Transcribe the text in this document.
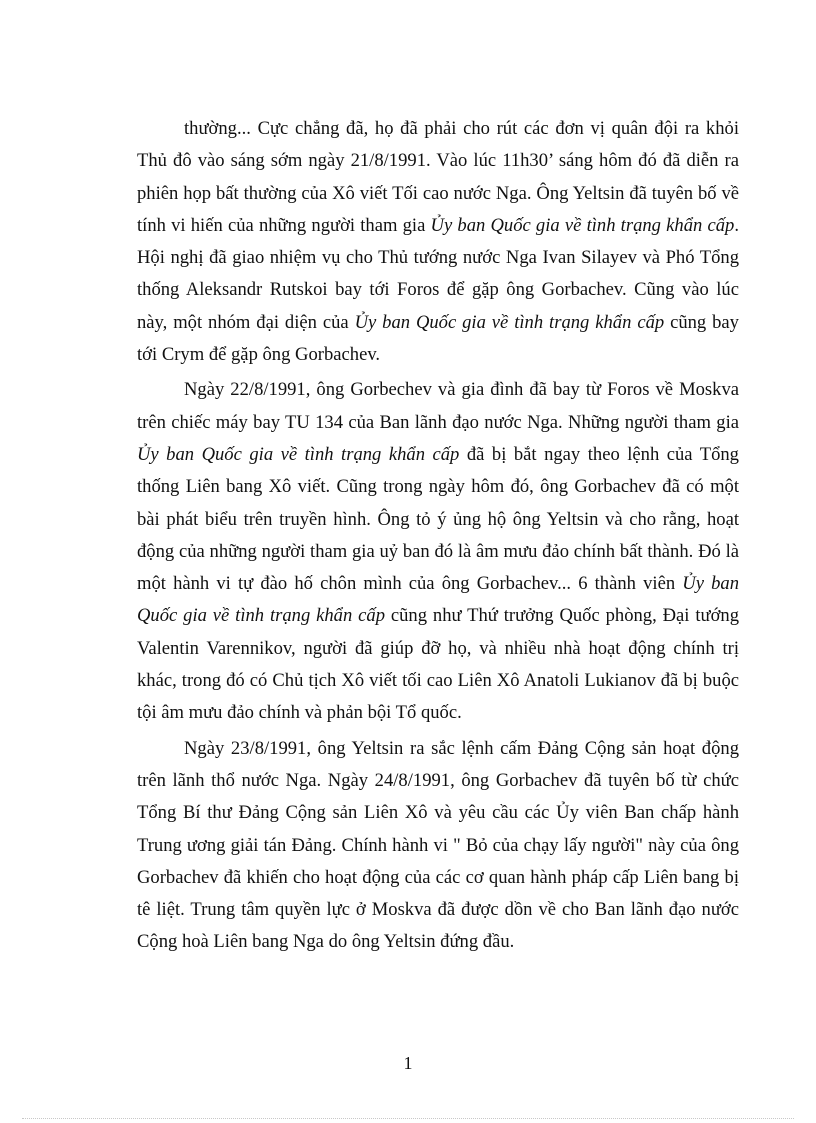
thường... Cực chẳng đã, họ đã phải cho rút các đơn vị quân đội ra khỏi Thủ đô vào sáng sớm ngày 21/8/1991. Vào lúc 11h30’ sáng hôm đó đã diễn ra phiên họp bất thường của Xô viết Tối cao nước Nga. Ông Yeltsin đã tuyên bố về tính vi hiến của những người tham gia Ủy ban Quốc gia về tình trạng khẩn cấp. Hội nghị đã giao nhiệm vụ cho Thủ tướng nước Nga Ivan Silayev và Phó Tổng thống Aleksandr Rutskoi bay tới Foros để gặp ông Gorbachev. Cũng vào lúc này, một nhóm đại diện của Ủy ban Quốc gia về tình trạng khẩn cấp cũng bay tới Crym để gặp ông Gorbachev.

Ngày 22/8/1991, ông Gorbechev và gia đình đã bay từ Foros về Moskva trên chiếc máy bay TU 134 của Ban lãnh đạo nước Nga. Những người tham gia Ủy ban Quốc gia về tình trạng khẩn cấp đã bị bắt ngay theo lệnh của Tổng thống Liên bang Xô viết. Cũng trong ngày hôm đó, ông Gorbachev đã có một bài phát biểu trên truyền hình. Ông tỏ ý ủng hộ ông Yeltsin và cho rằng, hoạt động của những người tham gia uỷ ban đó là âm mưu đảo chính bất thành. Đó là một hành vi tự đào hố chôn mình của ông Gorbachev... 6 thành viên Ủy ban Quốc gia về tình trạng khẩn cấp cũng như Thứ trưởng Quốc phòng, Đại tướng Valentin Varennikov, người đã giúp đỡ họ, và nhiều nhà hoạt động chính trị khác, trong đó có Chủ tịch Xô viết tối cao Liên Xô Anatoli Lukianov đã bị buộc tội âm mưu đảo chính và phản bội Tổ quốc.

Ngày 23/8/1991, ông Yeltsin ra sắc lệnh cấm Đảng Cộng sản hoạt động trên lãnh thổ nước Nga. Ngày 24/8/1991, ông Gorbachev đã tuyên bố từ chức Tổng Bí thư Đảng Cộng sản Liên Xô và yêu cầu các Ủy viên Ban chấp hành Trung ương giải tán Đảng. Chính hành vi " Bỏ của chạy lấy người" này của ông Gorbachev đã khiến cho hoạt động của các cơ quan hành pháp cấp Liên bang bị tê liệt. Trung tâm quyền lực ở Moskva đã được dồn về cho Ban lãnh đạo nước Cộng hoà Liên bang Nga do ông Yeltsin đứng đầu.

1
